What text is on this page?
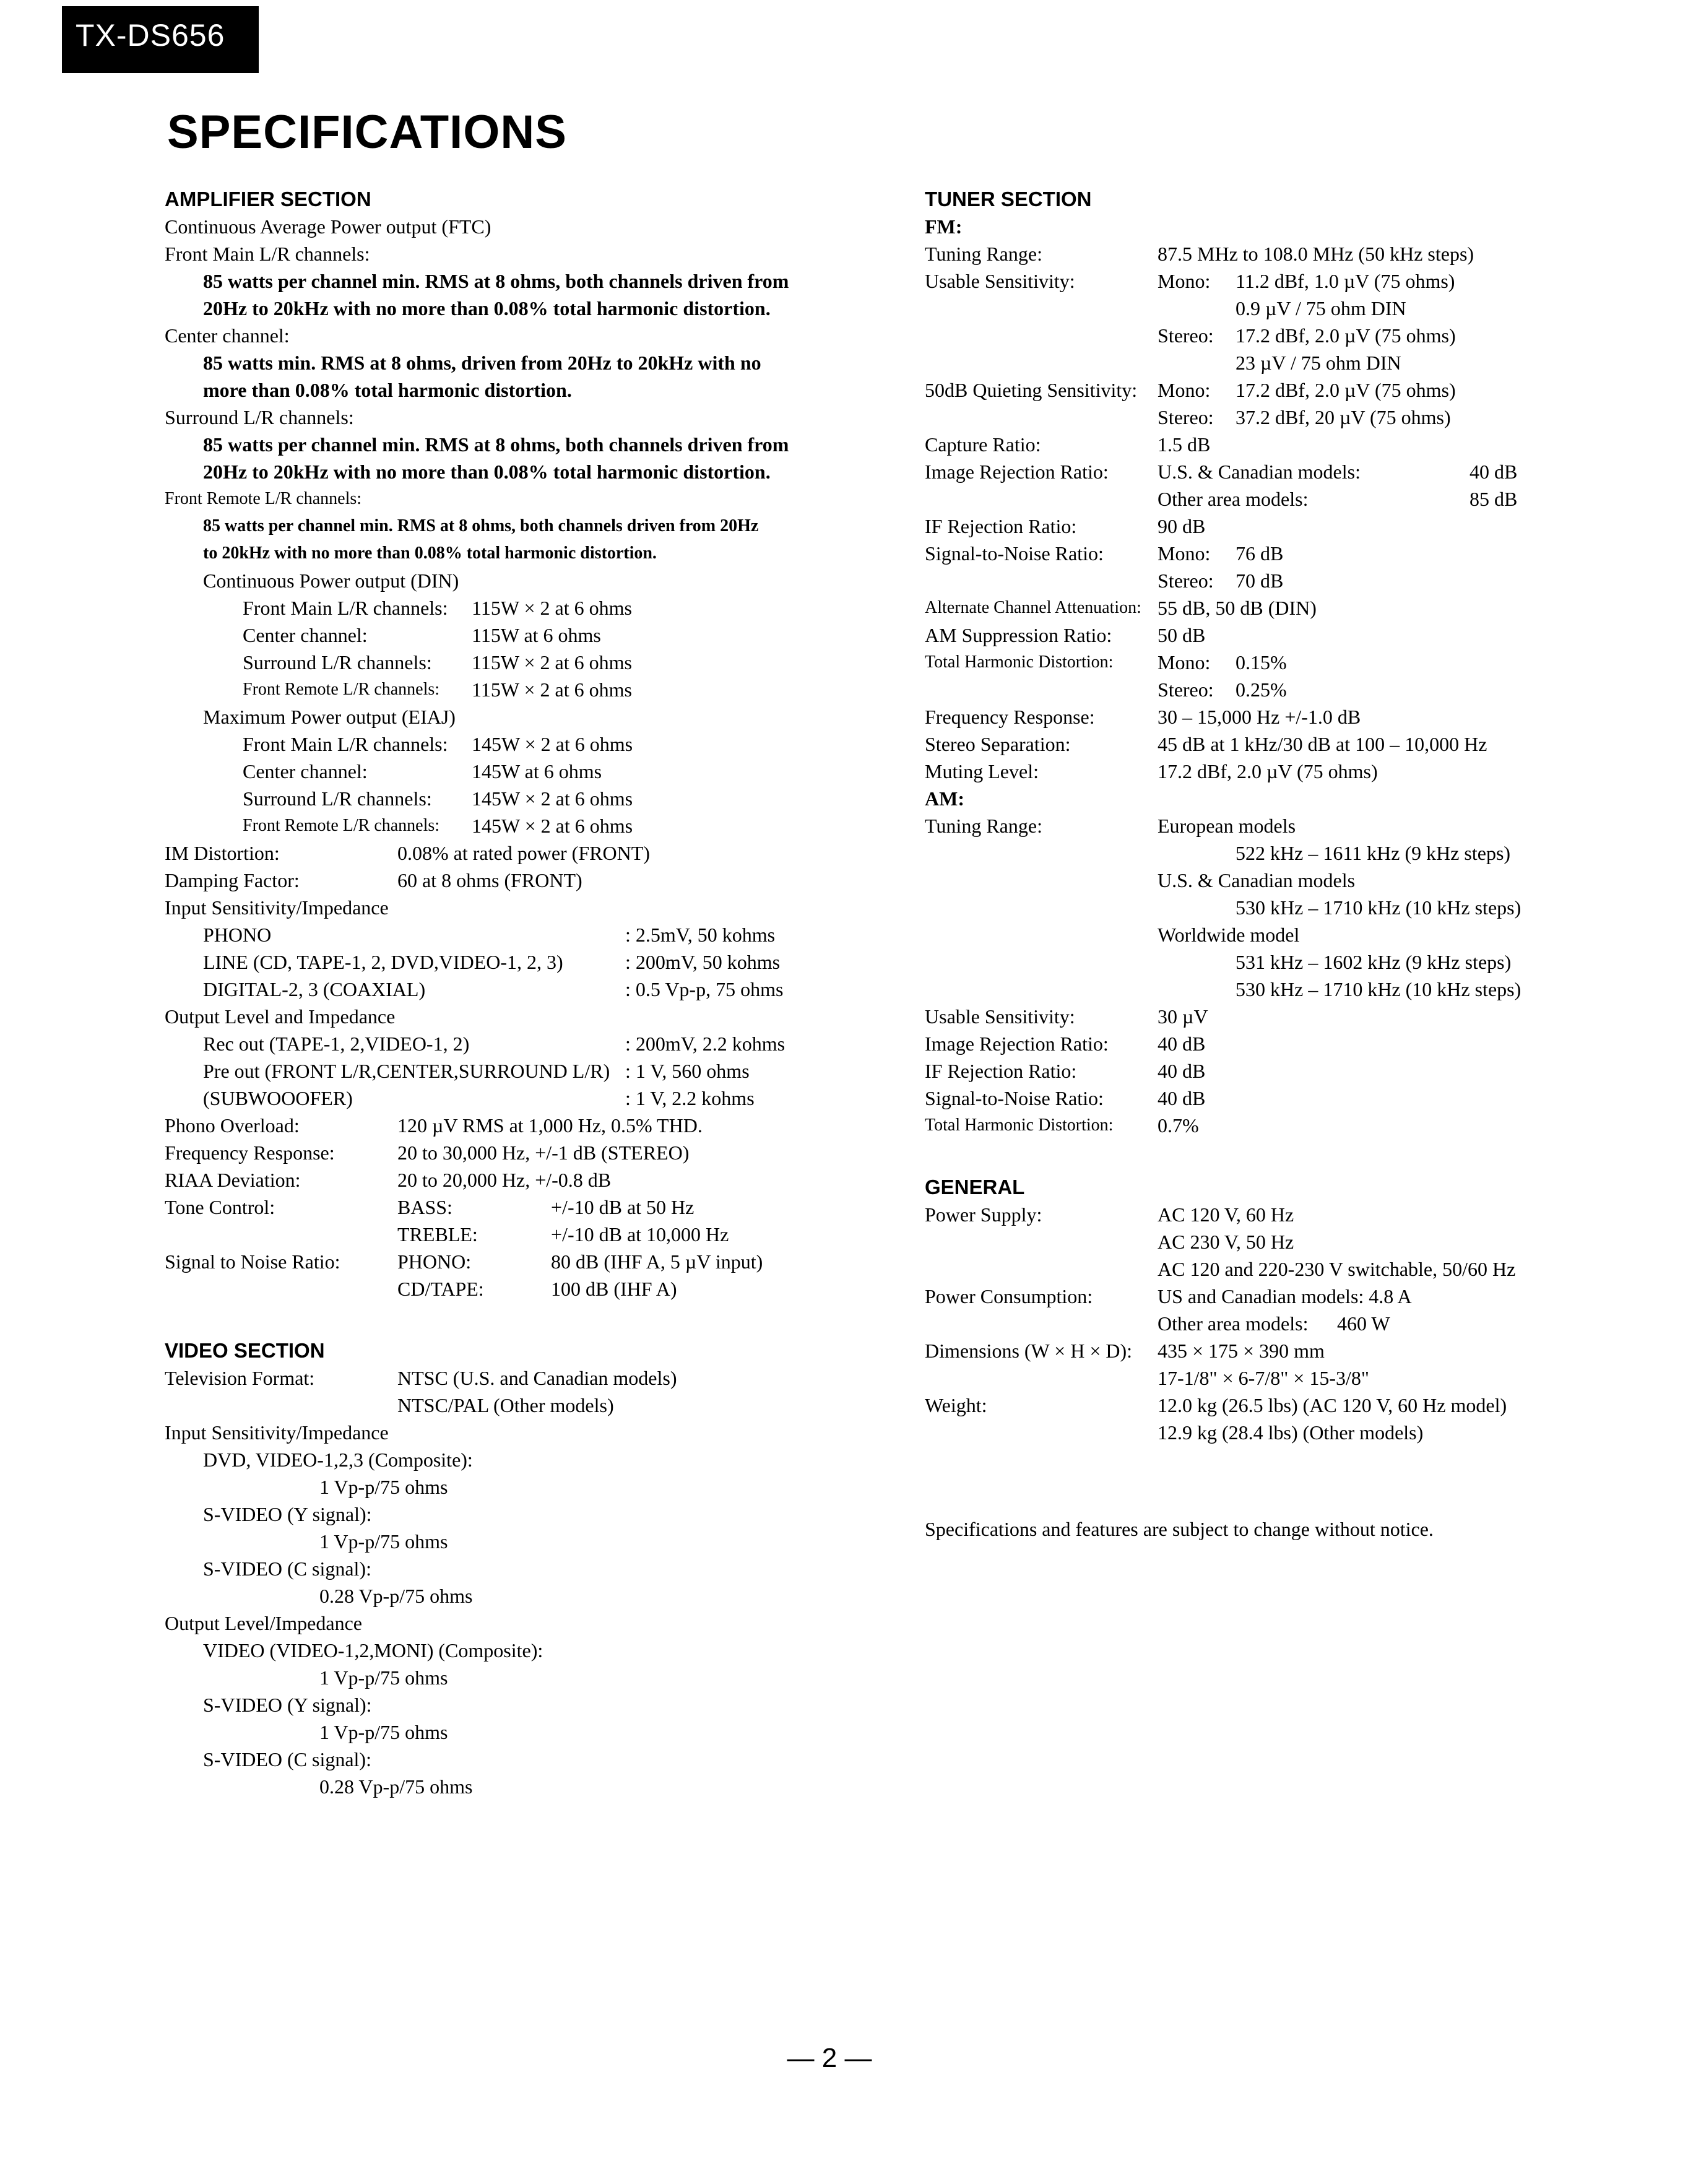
TX-DS656
SPECIFICATIONS
AMPLIFIER SECTION
Continuous Average Power output (FTC)
Front Main L/R channels:
85 watts per channel min. RMS at 8 ohms, both channels driven from
20Hz to 20kHz with no more than 0.08% total harmonic distortion.
Center channel:
85 watts min. RMS at 8 ohms, driven from 20Hz to 20kHz with no
more than 0.08% total harmonic distortion.
Surround L/R channels:
85 watts per channel min. RMS at 8 ohms, both channels driven from
20Hz to 20kHz with no more than 0.08% total harmonic distortion.
Front Remote L/R channels:
85 watts per channel min. RMS at 8 ohms, both channels driven from 20Hz
to 20kHz with no more than 0.08% total harmonic distortion.
Continuous Power output (DIN)
Front Main L/R channels: 115W × 2 at 6 ohms
Center channel:	115W at 6 ohms
Surround L/R channels: 115W × 2 at 6 ohms
Front Remote L/R channels: 115W × 2 at 6 ohms
Maximum Power output (EIAJ)
Front Main L/R channels: 145W × 2 at 6 ohms
Center channel:	145W at 6 ohms
Surround L/R channels: 145W × 2 at 6 ohms
Front Remote L/R channels: 145W × 2 at 6 ohms
IM Distortion:	0.08% at rated power (FRONT)
Damping Factor:	60 at 8 ohms (FRONT)
Input Sensitivity/Impedance
PHONO	: 2.5mV, 50 kohms
LINE (CD, TAPE-1, 2, DVD,VIDEO-1, 2, 3)	: 200mV, 50 kohms
DIGITAL-2, 3 (COAXIAL)	: 0.5 Vp-p, 75 ohms
Output Level and Impedance
Rec out (TAPE-1, 2,VIDEO-1, 2)	: 200mV, 2.2 kohms
Pre out (FRONT L/R,CENTER,SURROUND L/R) : 1 V, 560 ohms
(SUBWOOOFER)	: 1 V, 2.2 kohms
Phono Overload:	120 µV RMS at 1,000 Hz, 0.5% THD.
Frequency Response:	20 to 30,000 Hz, +/-1 dB (STEREO)
RIAA Deviation:	20 to 20,000 Hz, +/-0.8 dB
Tone Control:	BASS:	+/-10 dB at 50 Hz
TREBLE:	+/-10 dB at 10,000 Hz
Signal to Noise Ratio:	PHONO:	80 dB (IHF A, 5 µV input)
CD/TAPE:	100 dB (IHF A)
VIDEO SECTION
Television Format:	NTSC (U.S. and Canadian models)
NTSC/PAL (Other models)
Input Sensitivity/Impedance
DVD, VIDEO-1,2,3 (Composite):
1 Vp-p/75 ohms
S-VIDEO (Y signal):
1 Vp-p/75 ohms
S-VIDEO (C signal):
0.28 Vp-p/75 ohms
Output Level/Impedance
VIDEO (VIDEO-1,2,MONI) (Composite):
1 Vp-p/75 ohms
S-VIDEO (Y signal):
1 Vp-p/75 ohms
S-VIDEO (C signal):
0.28 Vp-p/75 ohms
TUNER SECTION
FM:
Tuning Range:	87.5 MHz to 108.0 MHz (50 kHz steps)
Usable Sensitivity:	Mono: 11.2 dBf, 1.0 µV (75 ohms)
0.9 µV / 75 ohm DIN
Stereo: 17.2 dBf, 2.0 µV (75 ohms)
23 µV / 75 ohm DIN
50dB Quieting Sensitivity: Mono: 17.2 dBf, 2.0 µV (75 ohms)
Stereo: 37.2 dBf, 20 µV (75 ohms)
Capture Ratio:	1.5 dB
Image Rejection Ratio: U.S. & Canadian models:	40 dB
Other area models:	85 dB
IF Rejection Ratio:	90 dB
Signal-to-Noise Ratio:	Mono: 76 dB
Stereo: 70 dB
Alternate Channel Attenuation: 55 dB, 50 dB (DIN)
AM Suppression Ratio: 50 dB
Total Harmonic Distortion: Mono: 0.15%
Stereo: 0.25%
Frequency Response:	30 – 15,000 Hz +/-1.0 dB
Stereo Separation:	45 dB at 1 kHz/30 dB at 100 – 10,000 Hz
Muting Level:	17.2 dBf, 2.0 µV (75 ohms)
AM:
Tuning Range:	European models
522 kHz – 1611 kHz (9 kHz steps)
U.S. & Canadian models
530 kHz – 1710 kHz (10 kHz steps)
Worldwide model
531 kHz – 1602 kHz (9 kHz steps)
530 kHz – 1710 kHz (10 kHz steps)
Usable Sensitivity:	30 µV
Image Rejection Ratio: 40 dB
IF Rejection Ratio:	40 dB
Signal-to-Noise Ratio:	40 dB
Total Harmonic Distortion: 0.7%
GENERAL
Power Supply:	AC 120 V, 60 Hz
AC 230 V, 50 Hz
AC 120 and 220-230 V switchable, 50/60 Hz
Power Consumption:	US and Canadian models: 4.8 A
Other area models: 460 W
Dimensions (W × H × D): 435 × 175 × 390 mm
17-1/8" × 6-7/8" × 15-3/8"
Weight:	12.0 kg (26.5 lbs) (AC 120 V, 60 Hz model)
12.9 kg (28.4 lbs) (Other models)
Specifications and features are subject to change without notice.
— 2 —
